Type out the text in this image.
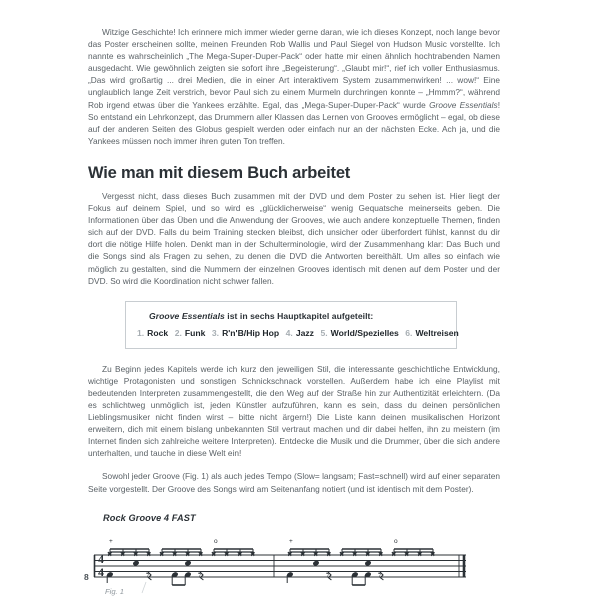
Witzige Geschichte! Ich erinnere mich immer wieder gerne daran, wie ich dieses Konzept, noch lange bevor das Poster erscheinen sollte, meinen Freunden Rob Wallis und Paul Siegel von Hudson Music vorstellte. Ich nannte es wahrscheinlich „The Mega-Super-Duper-Pack“ oder hatte mir einen ähnlich hochtrabenden Namen ausgedacht. Wie gewöhnlich zeigten sie sofort ihre „Begeisterung“. „Glaubt mir!“, rief ich voller Enthusiasmus. „Das wird großartig ... drei Medien, die in einer Art interaktivem System zusammenwirken! ... wow!“ Eine unglaublich lange Zeit verstrich, bevor Paul sich zu einem Murmeln durchringen konnte – „Hmmm?“, während Rob irgend etwas über die Yankees erzählte. Egal, das „Mega-Super-Duper-Pack“ wurde Groove Essentials! So entstand ein Lehrkonzept, das Drummern aller Klassen das Lernen von Grooves ermöglicht – egal, ob diese auf der anderen Seiten des Globus gespielt werden oder einfach nur an der nächsten Ecke. Ach ja, und die Yankees müssen noch immer ihren guten Ton treffen.

Wie man mit diesem Buch arbeitet

Vergesst nicht, dass dieses Buch zusammen mit der DVD und dem Poster zu sehen ist. Hier liegt der Fokus auf deinem Spiel, und so wird es „glücklicherweise“ wenig Gequatsche meinerseits geben. Die Informationen über das Üben und die Anwendung der Grooves, wie auch andere konzeptuelle Themen, finden sich auf der DVD. Falls du beim Training stecken bleibst, dich unsicher oder überfordert fühlst, kannst du dir dort die nötige Hilfe holen. Denkt man in der Schulterminologie, wird der Zusammenhang klar: Das Buch und die Songs sind als Fragen zu sehen, zu denen die DVD die Antworten bereithält. Um alles so einfach wie möglich zu gestalten, sind die Nummern der einzelnen Grooves identisch mit denen auf dem Poster und der DVD. So wird die Koordination nicht schwer fallen.

Groove Essentials ist in sechs Hauptkapitel aufgeteilt:
1. Rock 2. Funk 3. R'n'B/Hip Hop 4. Jazz 5. World/Spezielles 6. Weltreisen

Zu Beginn jedes Kapitels werde ich kurz den jeweiligen Stil, die interessante geschichtliche Entwicklung, wichtige Protagonisten und sonstigen Schnickschnack vorstellen. Außerdem habe ich eine Playlist mit bedeutenden Interpreten zusammengestellt, die den Weg auf der Straße hin zur Authentizität erleichtern. (Da es schlichtweg unmöglich ist, jeden Künstler aufzuführen, kann es sein, dass du deinen persönlichen Lieblingsmusiker nicht finden wirst – bitte nicht ärgern!) Die Liste kann deinen musikalischen Horizont erweitern, dich mit einem bislang unbekannten Stil vertraut machen und dir dabei helfen, ihn zu meistern (im Internet finden sich zahlreiche weitere Interpreten). Entdecke die Musik und die Drummer, über die sich andere unterhalten, und tauche in diese Welt ein!

Sowohl jeder Groove (Fig. 1) als auch jedes Tempo (Slow= langsam; Fast=schnell) wird auf einer separaten Seite vorgestellt. Der Groove des Songs wird am Seitenanfang notiert (und ist identisch mit dem Poster).

Rock Groove 4 FAST
4
4
+	o	+	o
𝄾	𝄾	𝄾	𝄾
Fig. 1
8
